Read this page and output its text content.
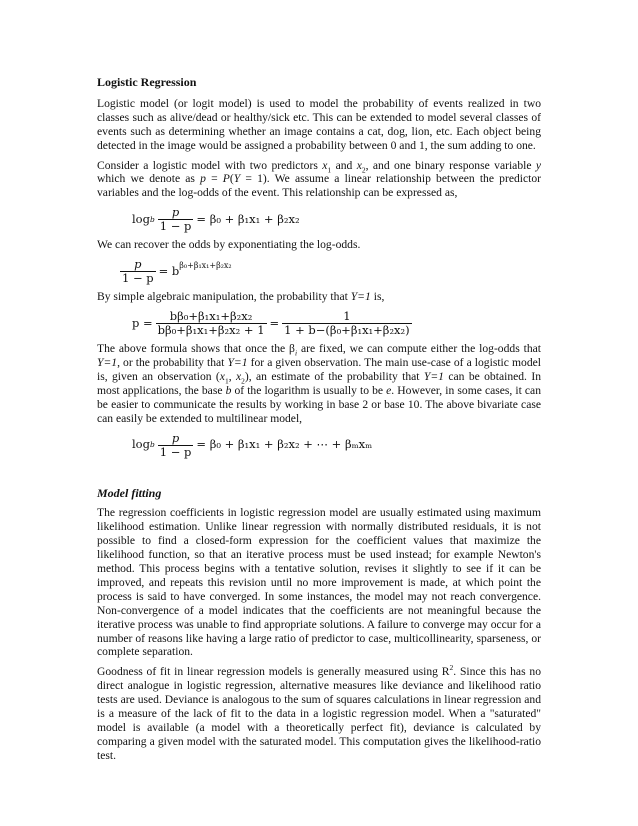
Logistic Regression

Logistic model (or logit model) is used to model the probability of events realized in two classes such as alive/dead or healthy/sick etc. This can be extended to model several classes of events such as determining whether an image contains a cat, dog, lion, etc. Each object being detected in the image would be assigned a probability between 0 and 1, the sum adding to one.

Consider a logistic model with two predictors $x_1$ and $x_2$, and one binary response variable y which we denote as p = P(Y = 1). We assume a linear relationship between the predictor variables and the log-odds of the event. This relationship can be expressed as,

log b $\frac{p}{1 - p} = \beta_0 + \beta_1x_1 + \beta_2x_2$

We can recover the odds by exponentiating the log-odds.

$\frac{p}{1 - p} = b^{\beta_0+\beta_1x_1+\beta_2x_2}$

By simple algebraic manipulation, the probability that Y=1 is,

$p = \frac{\text{bβ₀+β₁x₁+β₂x₂}}{\text{bβ₀+β₁x₁+β₂x₂ + 1}} = \frac{1}{\text{1 + b−(β₀+β₁x₁+β₂x₂)}}$

The above formula shows that once the $\beta_i$ are fixed, we can compute either the log-odds that Y=1, or the probability that Y=1 for a given observation. The main use-case of a logistic model is, given an observation ($x_1$, $x_2$), an estimate of the probability that Y=1 can be obtained. In most applications, the base b of the logarithm is usually to be e. However, in some cases, it can be easier to communicate the results by working in base 2 or base 10. The above bivariate case can easily be extended to multilinear model,

log b $\frac{p}{1 - p} = \beta_0 + \beta_1x_1 + \beta_2x_2$ + ⋯ + βₘxₘ
Model fitting

The regression coefficients in logistic regression model are usually estimated using maximum likelihood estimation. Unlike linear regression with normally distributed residuals, it is not possible to find a closed-form expression for the coefficient values that maximize the likelihood function, so that an iterative process must be used instead; for example Newton's method. This process begins with a tentative solution, revises it slightly to see if it can be improved, and repeats this revision until no more improvement is made, at which point the process is said to have converged. In some instances, the model may not reach convergence. Non-convergence of a model indicates that the coefficients are not meaningful because the iterative process was unable to find appropriate solutions. A failure to converge may occur for a number of reasons like having a large ratio of predictor to case, multicollinearity, sparseness, or complete separation.

Goodness of fit in linear regression models is generally measured using $R^2$. Since this has no direct analogue in logistic regression, alternative measures like deviance and likelihood ratio tests are used. Deviance is analogous to the sum of squares calculations in linear regression and is a measure of the lack of fit to the data in a logistic regression model. When a "saturated" model is available (a model with a theoretically perfect fit), deviance is calculated by comparing a given model with the saturated model. This computation gives the likelihood-ratio test.
